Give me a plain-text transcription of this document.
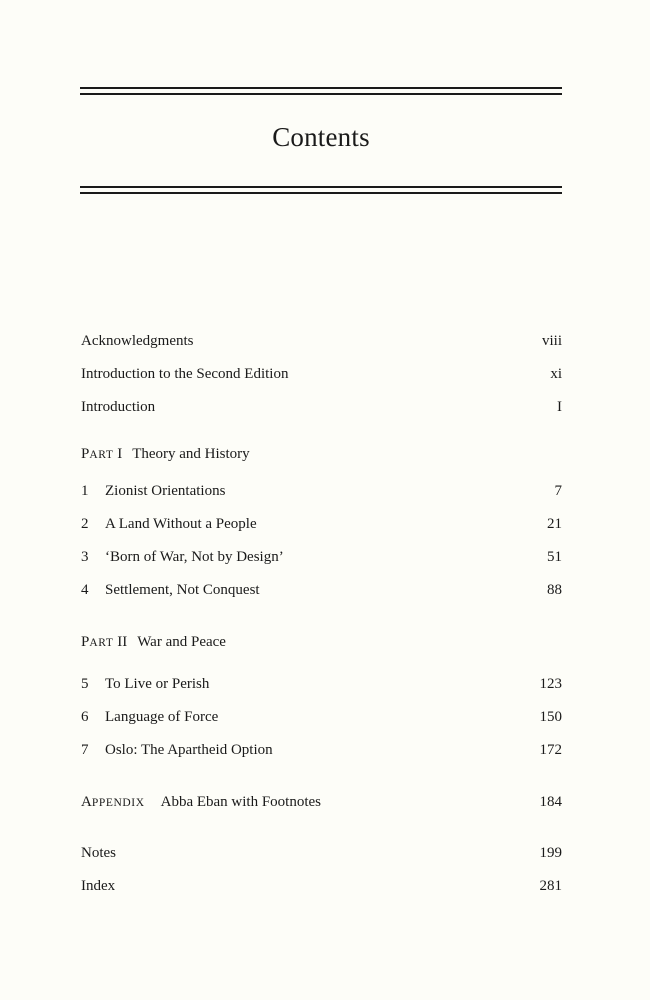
Contents
Acknowledgments	viii
Introduction to the Second Edition	xi
Introduction	I
PART I Theory and History
1 Zionist Orientations	7
2 A Land Without a People	21
3 ‘Born of War, Not by Design’	51
4 Settlement, Not Conquest	88
PART II War and Peace
5 To Live or Perish	123
6 Language of Force	150
7 Oslo: The Apartheid Option	172
APPENDIX Abba Eban with Footnotes	184
Notes	199
Index	281
